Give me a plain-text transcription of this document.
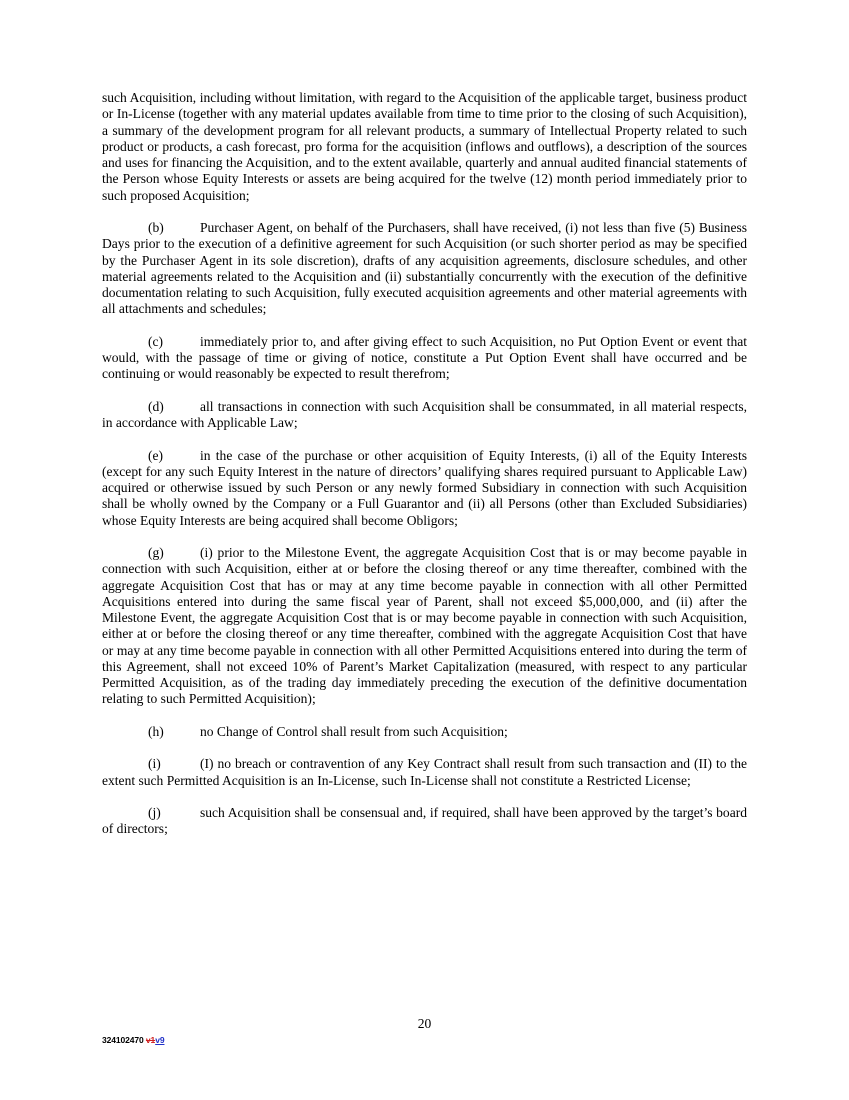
such Acquisition, including without limitation, with regard to the Acquisition of the applicable target, business product or In-License (together with any material updates available from time to time prior to the closing of such Acquisition), a summary of the development program for all relevant products, a summary of Intellectual Property related to such product or products, a cash forecast, pro forma for the acquisition (inflows and outflows), a description of the sources and uses for financing the Acquisition, and to the extent available, quarterly and annual audited financial statements of the Person whose Equity Interests or assets are being acquired for the twelve (12) month period immediately prior to such proposed Acquisition;

(b)	Purchaser Agent, on behalf of the Purchasers, shall have received, (i) not less than five (5) Business Days prior to the execution of a definitive agreement for such Acquisition (or such shorter period as may be specified by the Purchaser Agent in its sole discretion), drafts of any acquisition agreements, disclosure schedules, and other material agreements related to the Acquisition and (ii) substantially concurrently with the execution of the definitive documentation relating to such Acquisition, fully executed acquisition agreements and other material agreements with all attachments and schedules;

(c)	immediately prior to, and after giving effect to such Acquisition, no Put Option Event or event that would, with the passage of time or giving of notice, constitute a Put Option Event shall have occurred and be continuing or would reasonably be expected to result therefrom;

(d)	all transactions in connection with such Acquisition shall be consummated, in all material respects, in accordance with Applicable Law;

(e)	in the case of the purchase or other acquisition of Equity Interests, (i) all of the Equity Interests (except for any such Equity Interest in the nature of directors’ qualifying shares required pursuant to Applicable Law) acquired or otherwise issued by such Person or any newly formed Subsidiary in connection with such Acquisition shall be wholly owned by the Company or a Full Guarantor and (ii) all Persons (other than Excluded Subsidiaries) whose Equity Interests are being acquired shall become Obligors;

(g)	(i) prior to the Milestone Event, the aggregate Acquisition Cost that is or may become payable in connection with such Acquisition, either at or before the closing thereof or any time thereafter, combined with the aggregate Acquisition Cost that has or may at any time become payable in connection with all other Permitted Acquisitions entered into during the same fiscal year of Parent, shall not exceed $5,000,000, and (ii) after the Milestone Event, the aggregate Acquisition Cost that is or may become payable in connection with such Acquisition, either at or before the closing thereof or any time thereafter, combined with the aggregate Acquisition Cost that have or may at any time become payable in connection with all other Permitted Acquisitions entered into during the term of this Agreement, shall not exceed 10% of Parent’s Market Capitalization (measured, with respect to any particular Permitted Acquisition, as of the trading day immediately preceding the execution of the definitive documentation relating to such Permitted Acquisition);

(h)	no Change of Control shall result from such Acquisition;

(i)	(I) no breach or contravention of any Key Contract shall result from such transaction and (II) to the extent such Permitted Acquisition is an In-License, such In-License shall not constitute a Restricted License;

(j)	such Acquisition shall be consensual and, if required, shall have been approved by the target’s board of directors;

20
324102470 v1v9
